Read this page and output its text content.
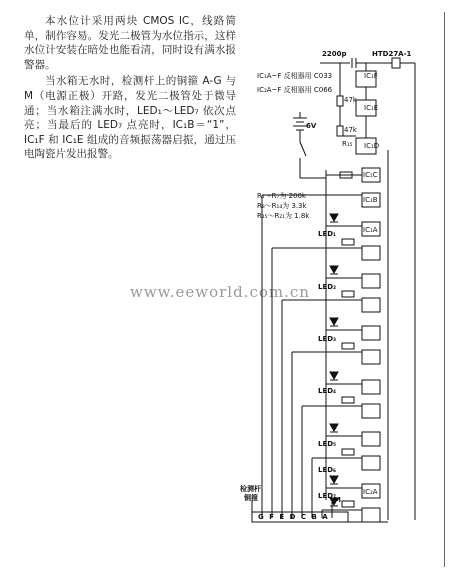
本水位计采用两块 CMOS IC，线路简单，制作容易。发光二极管为水位指示，这样水位计安装在暗处也能看清，同时设有满水报警器。

当水箱无水时，检测杆上的铜箍 A-G 与 M（电源正极）开路，发光二极管处于微导通；当水箱注满水时，LED₁～LED₇ 依次点亮；当最后的 LED₇ 点亮时，IC₁B＝“1”，IC₁F 和 IC₁E 组成的音频振荡器启振，通过压电陶瓷片发出报警。

www.eeworld.com.cn
2200p	HTD27A-1
IC₁A~F 反相器用 C033
IC₂A~F 反相器用 C066
47k
47k
R₁₅
6V
R₁～R₇为 200k
R₈～R₁₄为 3.3k
R₁₅～R₂₁为 1.8k
IC₁F
IC₁E
IC₁D
IC₁C
IC₁B
IC₁A
IC₂A
LED₁
LED₂
LED₃
LED₄
LED₅
LED₆
LED₇
检测杆
铜箍
G F E D C B A
M
